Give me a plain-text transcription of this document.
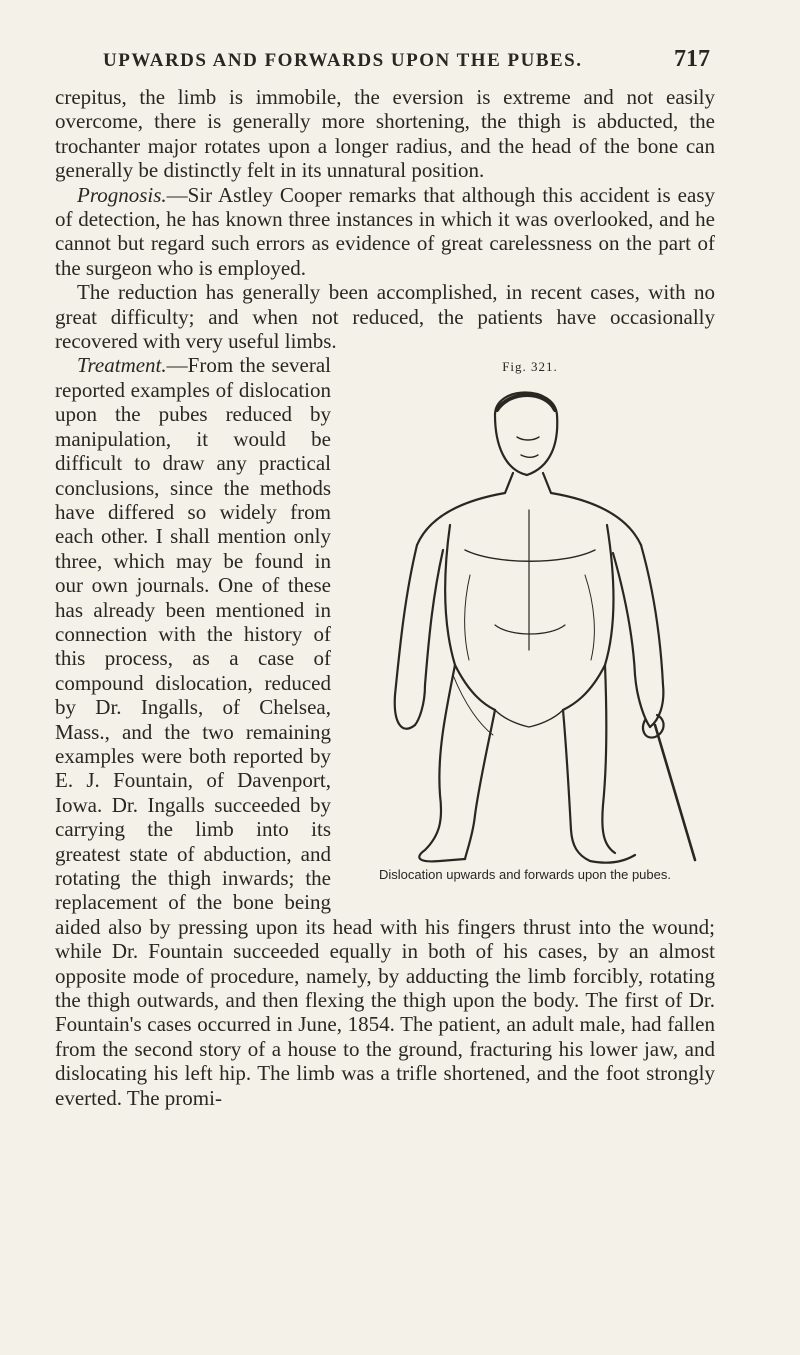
UPWARDS AND FORWARDS UPON THE PUBES.	717

crepitus, the limb is immobile, the eversion is extreme and not easily overcome, there is generally more shortening, the thigh is abducted, the trochanter major rotates upon a longer radius, and the head of the bone can generally be distinctly felt in its unnatural position.

Prognosis.—Sir Astley Cooper remarks that although this accident is easy of detection, he has known three instances in which it was overlooked, and he cannot but regard such errors as evidence of great carelessness on the part of the surgeon who is employed.

The reduction has generally been accomplished, in recent cases, with no great difficulty; and when not reduced, the patients have occasionally recovered with very useful limbs.

Fig. 321.
Dislocation upwards and forwards upon the pubes.

Treatment.—From the several reported examples of dislocation upon the pubes reduced by manipulation, it would be difficult to draw any practical conclusions, since the methods have differed so widely from each other. I shall mention only three, which may be found in our own journals. One of these has already been mentioned in connection with the history of this process, as a case of compound dislocation, reduced by Dr. Ingalls, of Chelsea, Mass., and the two remaining examples were both reported by E. J. Fountain, of Davenport, Iowa. Dr. Ingalls succeeded by carrying the limb into its greatest state of abduction, and rotating the thigh inwards; the replacement of the bone being aided also by pressing upon its head with his fingers thrust into the wound; while Dr. Fountain succeeded equally in both of his cases, by an almost opposite mode of procedure, namely, by adducting the limb forcibly, rotating the thigh outwards, and then flexing the thigh upon the body. The first of Dr. Fountain's cases occurred in June, 1854. The patient, an adult male, had fallen from the second story of a house to the ground, fracturing his lower jaw, and dislocating his left hip. The limb was a trifle shortened, and the foot strongly everted. The promi-
